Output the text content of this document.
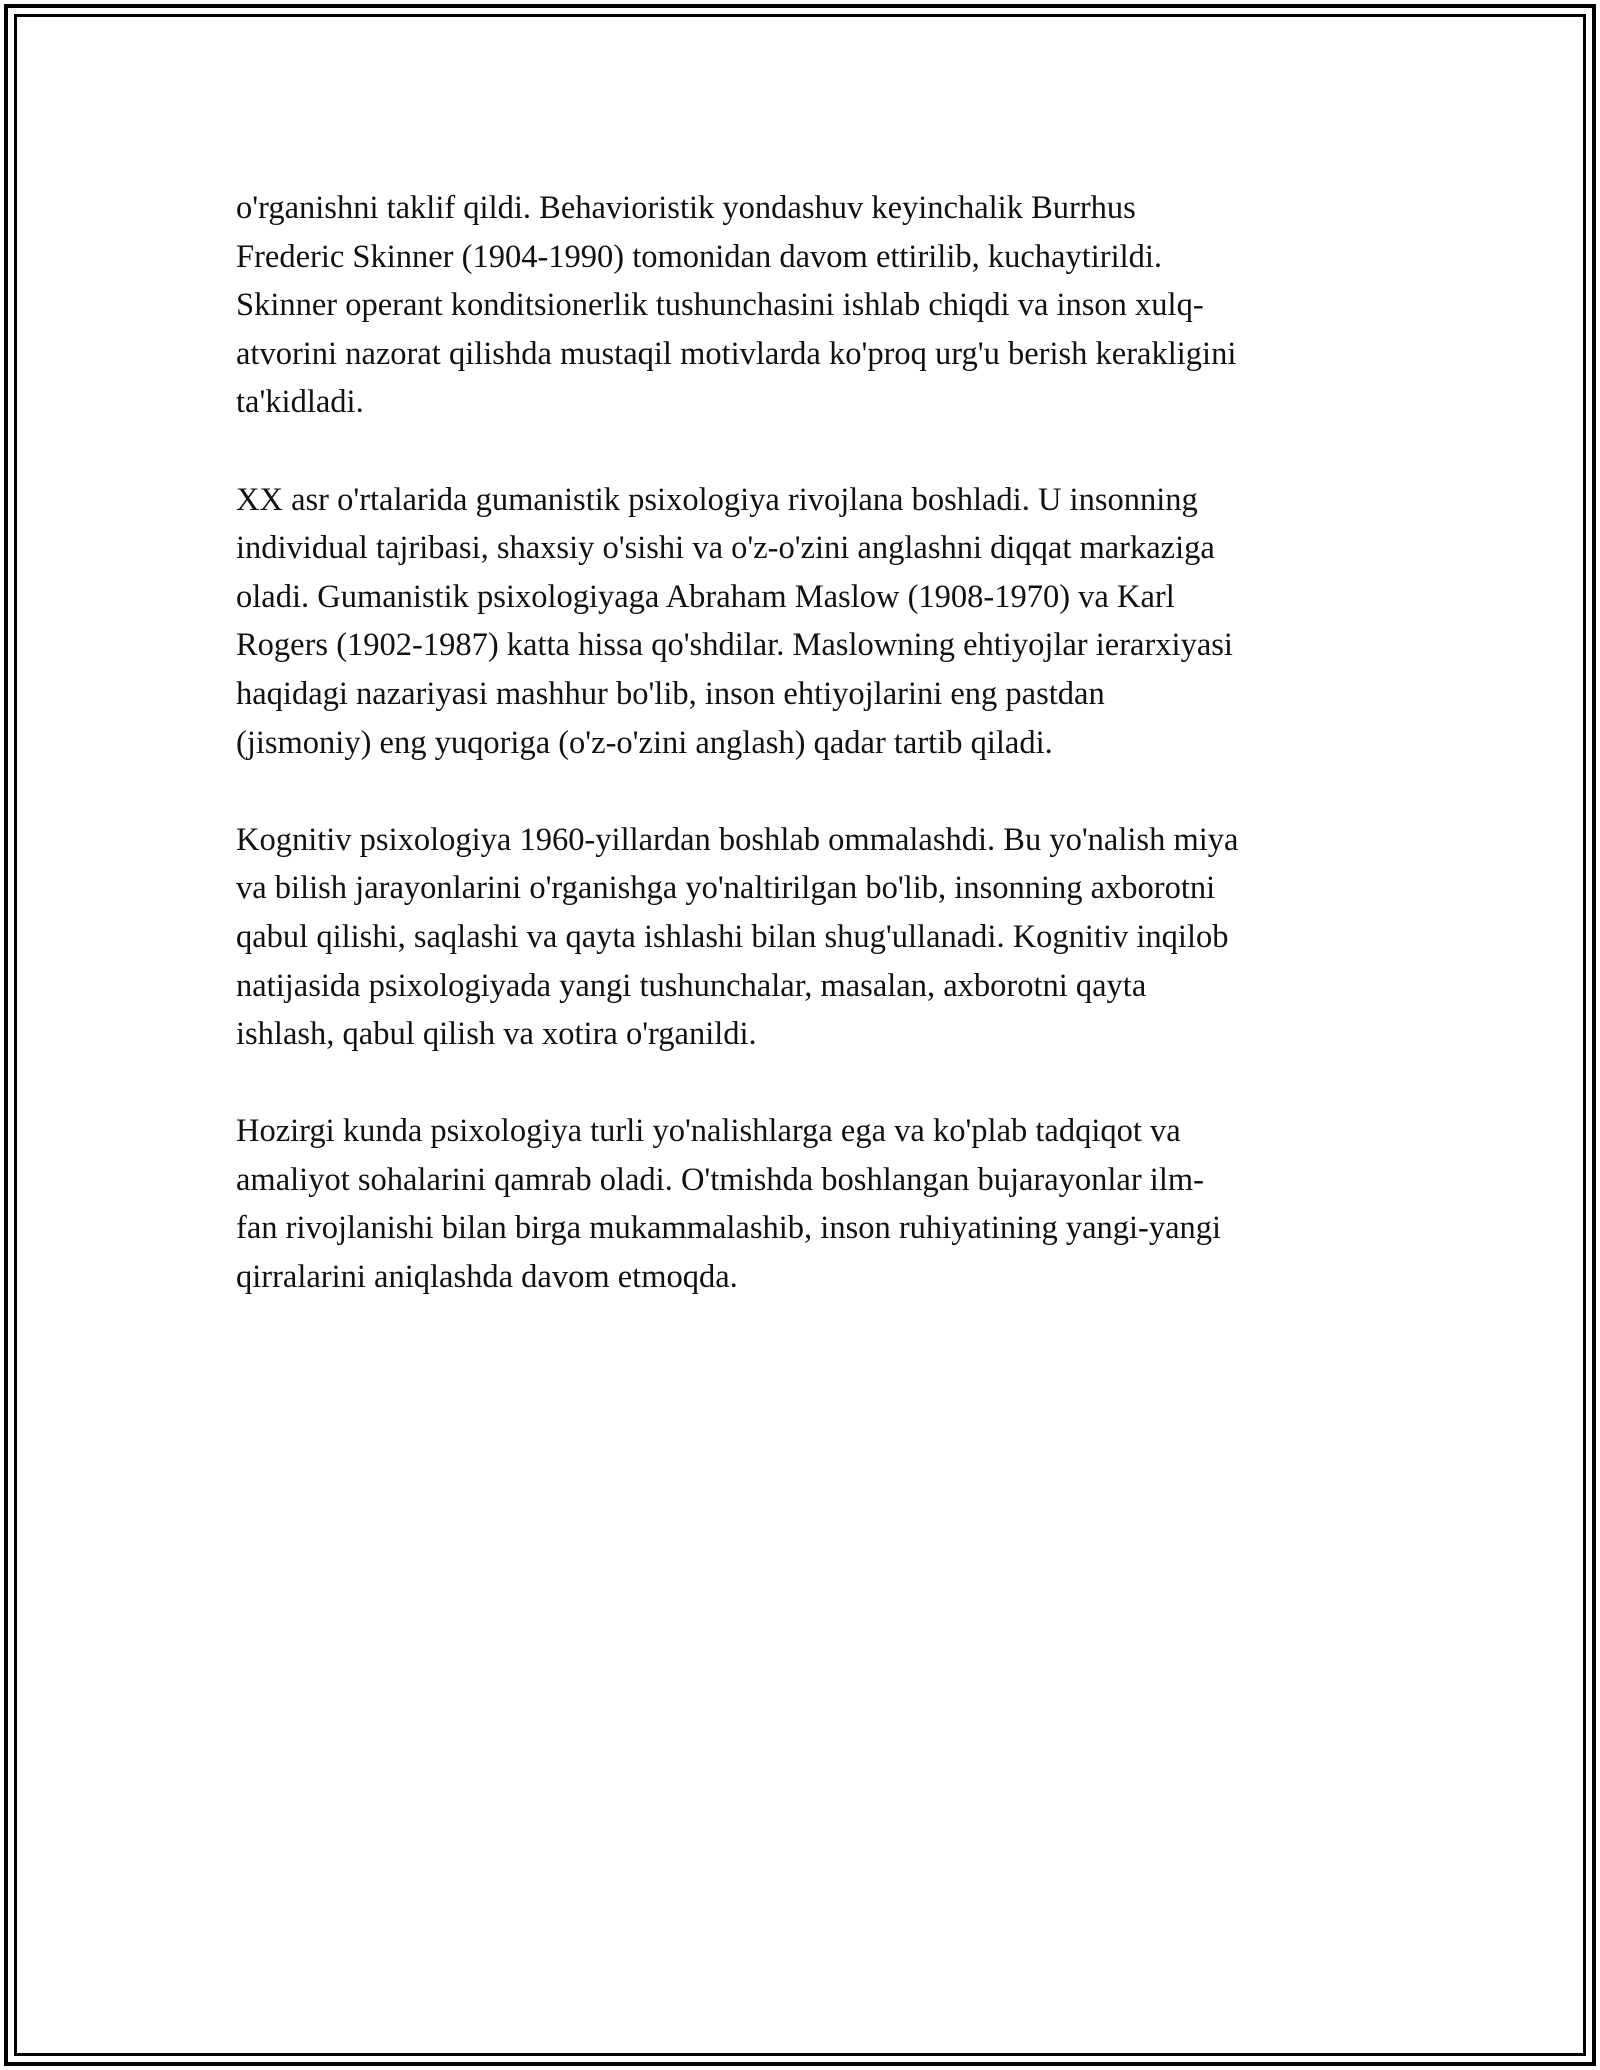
o'rganishni taklif qildi. Behavioristik yondashuv keyinchalik Burrhus
Frederic Skinner (1904-1990) tomonidan davom ettirilib, kuchaytirildi.
Skinner operant konditsionerlik tushunchasini ishlab chiqdi va inson xulq-
atvorini nazorat qilishda mustaqil motivlarda ko'proq urg'u berish kerakligini
ta'kidladi.

XX asr o'rtalarida gumanistik psixologiya rivojlana boshladi. U insonning
individual tajribasi, shaxsiy o'sishi va o'z-o'zini anglashni diqqat markaziga
oladi. Gumanistik psixologiyaga Abraham Maslow (1908-1970) va Karl
Rogers (1902-1987) katta hissa qo'shdilar. Maslowning ehtiyojlar ierarxiyasi
haqidagi nazariyasi mashhur bo'lib, inson ehtiyojlarini eng pastdan
(jismoniy) eng yuqoriga (o'z-o'zini anglash) qadar tartib qiladi.

Kognitiv psixologiya 1960-yillardan boshlab ommalashdi. Bu yo'nalish miya
va bilish jarayonlarini o'rganishga yo'naltirilgan bo'lib, insonning axborotni
qabul qilishi, saqlashi va qayta ishlashi bilan shug'ullanadi. Kognitiv inqilob
natijasida psixologiyada yangi tushunchalar, masalan, axborotni qayta
ishlash, qabul qilish va xotira o'rganildi.

Hozirgi kunda psixologiya turli yo'nalishlarga ega va ko'plab tadqiqot va
amaliyot sohalarini qamrab oladi. O'tmishda boshlangan bujarayonlar ilm-
fan rivojlanishi bilan birga mukammalashib, inson ruhiyatining yangi-yangi
qirralarini aniqlashda davom etmoqda.
